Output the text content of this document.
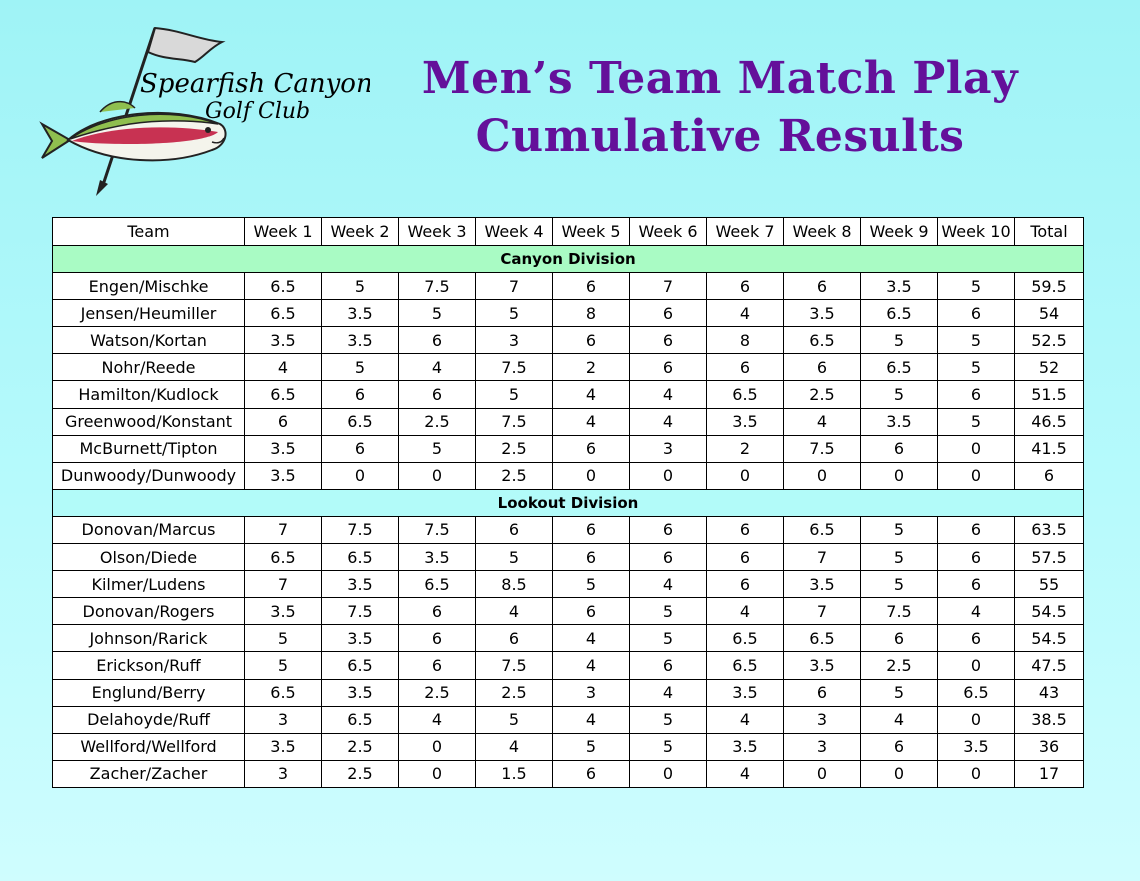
Spearfish Canyon
Golf Club
Men’s Team Match Play
Cumulative Results
Team	Week 1	Week 2	Week 3	Week 4	Week 5	Week 6	Week 7	Week 8	Week 9	Week 10	Total
Canyon Division											
Engen/Mischke	6.5	5	7.5	7	6	7	6	6	3.5	5	59.5
Jensen/Heumiller	6.5	3.5	5	5	8	6	4	3.5	6.5	6	54
Watson/Kortan	3.5	3.5	6	3	6	6	8	6.5	5	5	52.5
Nohr/Reede	4	5	4	7.5	2	6	6	6	6.5	5	52
Hamilton/Kudlock	6.5	6	6	5	4	4	6.5	2.5	5	6	51.5
Greenwood/Konstant	6	6.5	2.5	7.5	4	4	3.5	4	3.5	5	46.5
McBurnett/Tipton	3.5	6	5	2.5	6	3	2	7.5	6	0	41.5
Dunwoody/Dunwoody	3.5	0	0	2.5	0	0	0	0	0	0	6
Lookout Division											
Donovan/Marcus	7	7.5	7.5	6	6	6	6	6.5	5	6	63.5
Olson/Diede	6.5	6.5	3.5	5	6	6	6	7	5	6	57.5
Kilmer/Ludens	7	3.5	6.5	8.5	5	4	6	3.5	5	6	55
Donovan/Rogers	3.5	7.5	6	4	6	5	4	7	7.5	4	54.5
Johnson/Rarick	5	3.5	6	6	4	5	6.5	6.5	6	6	54.5
Erickson/Ruff	5	6.5	6	7.5	4	6	6.5	3.5	2.5	0	47.5
Englund/Berry	6.5	3.5	2.5	2.5	3	4	3.5	6	5	6.5	43
Delahoyde/Ruff	3	6.5	4	5	4	5	4	3	4	0	38.5
Wellford/Wellford	3.5	2.5	0	4	5	5	3.5	3	6	3.5	36
Zacher/Zacher	3	2.5	0	1.5	6	0	4	0	0	0	17
